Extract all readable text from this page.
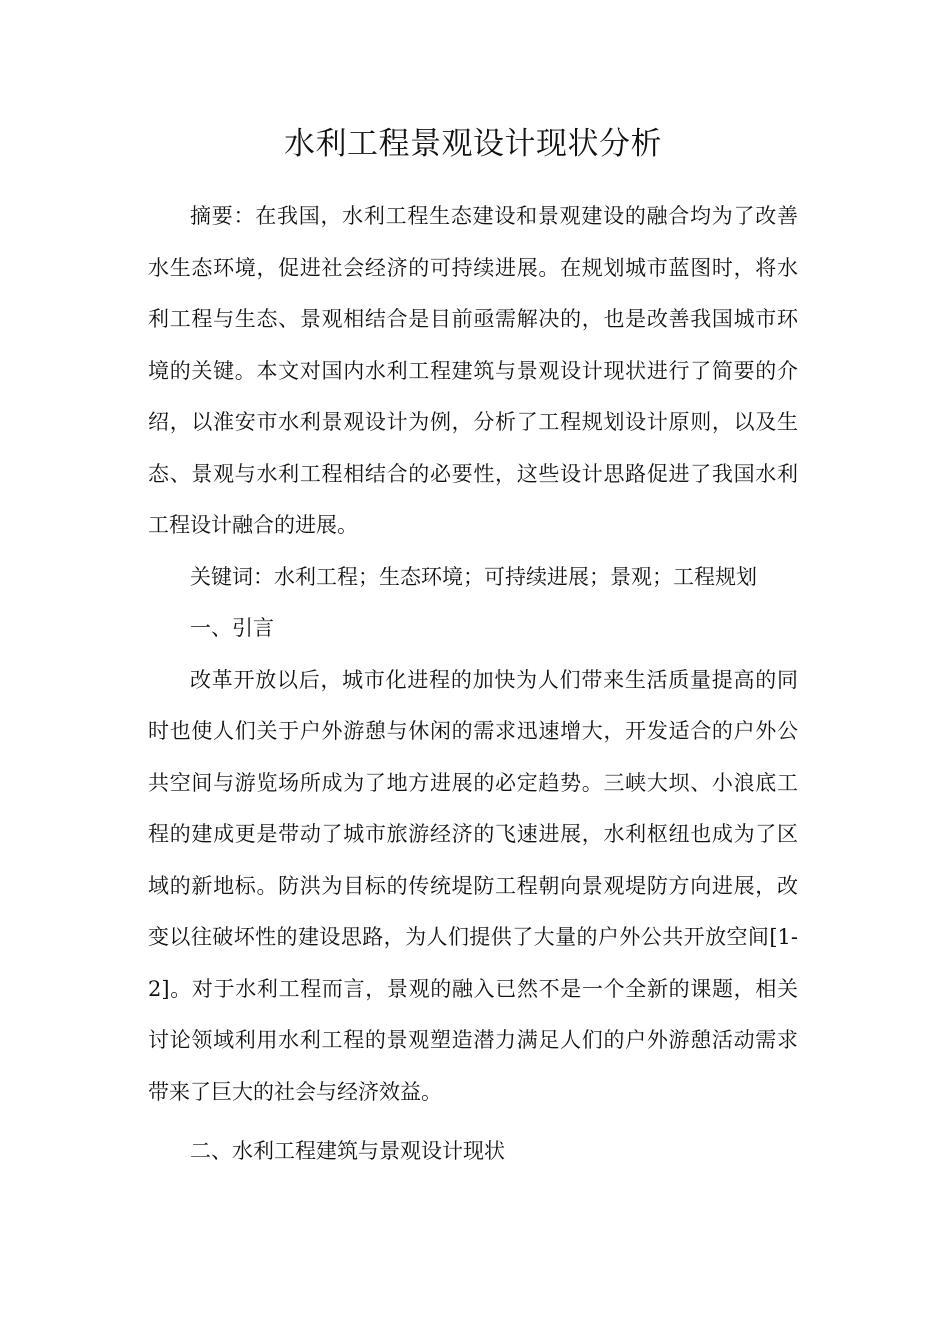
水利工程景观设计现状分析

摘要：在我国，水利工程生态建设和景观建设的融合均为了改善水生态环境，促进社会经济的可持续进展。在规划城市蓝图时，将水利工程与生态、景观相结合是目前亟需解决的，也是改善我国城市环境的关键。本文对国内水利工程建筑与景观设计现状进行了简要的介绍，以淮安市水利景观设计为例，分析了工程规划设计原则，以及生态、景观与水利工程相结合的必要性，这些设计思路促进了我国水利工程设计融合的进展。

关键词：水利工程；生态环境；可持续进展；景观；工程规划

一、引言

改革开放以后，城市化进程的加快为人们带来生活质量提高的同时也使人们关于户外游憩与休闲的需求迅速增大，开发适合的户外公共空间与游览场所成为了地方进展的必定趋势。三峡大坝、小浪底工程的建成更是带动了城市旅游经济的飞速进展，水利枢纽也成为了区域的新地标。防洪为目标的传统堤防工程朝向景观堤防方向进展，改变以往破坏性的建设思路，为人们提供了大量的户外公共开放空间[1-2]。对于水利工程而言，景观的融入已然不是一个全新的课题，相关讨论领域利用水利工程的景观塑造潜力满足人们的户外游憩活动需求带来了巨大的社会与经济效益。

二、水利工程建筑与景观设计现状
